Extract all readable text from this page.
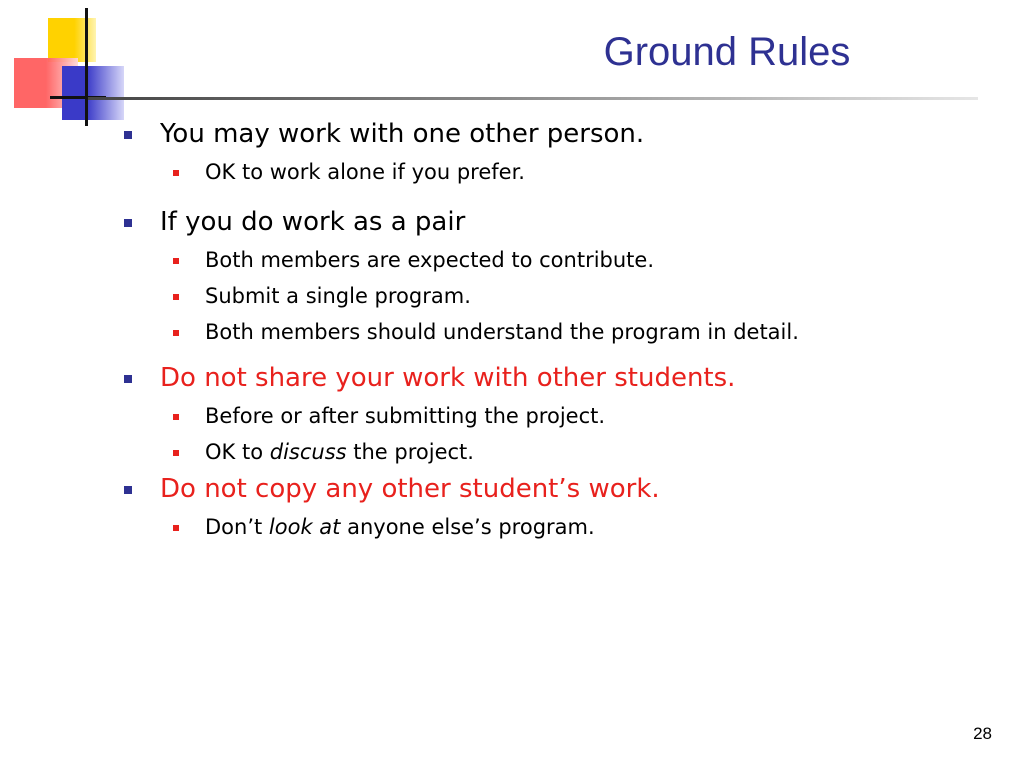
Ground Rules
You may work with one other person.
OK to work alone if you prefer.
If you do work as a pair
Both members are expected to contribute.
Submit a single program.
Both members should understand the program in detail.
Do not share your work with other students.
Before or after submitting the project.
OK to discuss the project.
Do not copy any other student’s work.
Don’t look at anyone else’s program.
28
